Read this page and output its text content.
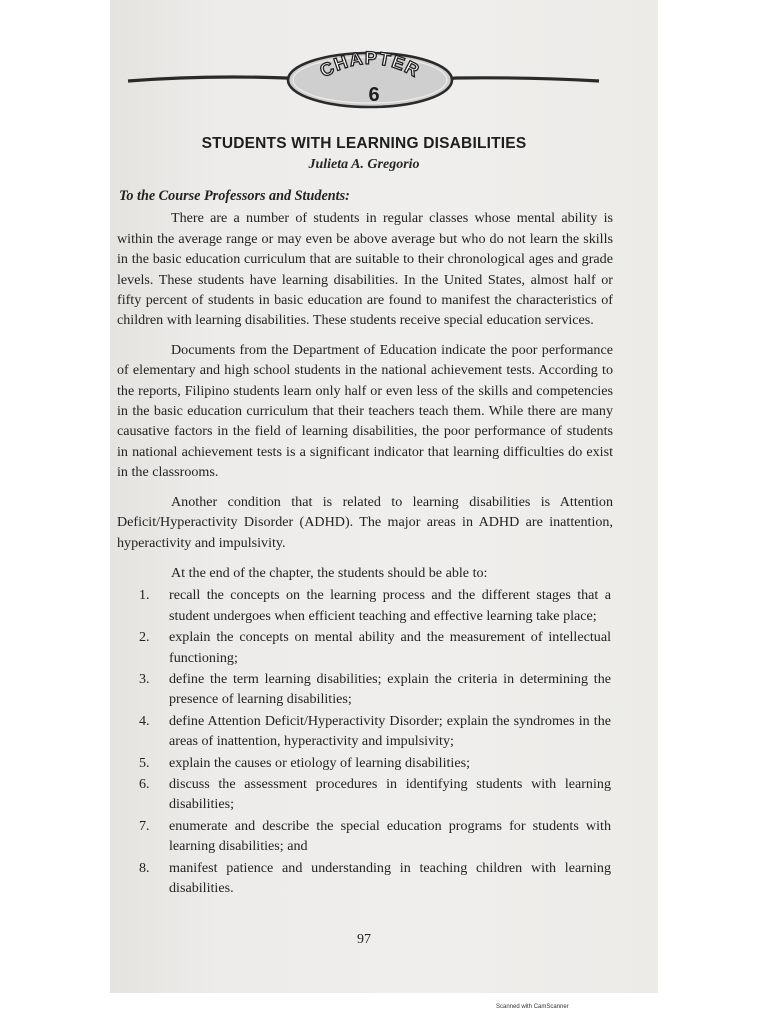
CHAPTER
6
STUDENTS WITH LEARNING DISABILITIES

Julieta A. Gregorio

To the Course Professors and Students:

There are a number of students in regular classes whose mental ability is within the average range or may even be above average but who do not learn the skills in the basic education curriculum that are suitable to their chronological ages and grade levels. These students have learning disabilities. In the United States, almost half or fifty percent of students in basic education are found to manifest the characteristics of children with learning disabilities. These students receive special education services.

Documents from the Department of Education indicate the poor performance of elementary and high school students in the national achievement tests. According to the reports, Filipino students learn only half or even less of the skills and competencies in the basic education curriculum that their teachers teach them. While there are many causative factors in the field of learning disabilities, the poor performance of students in national achievement tests is a significant indicator that learning difficulties do exist in the classrooms.

Another condition that is related to learning disabilities is Attention Deficit/Hyperactivity Disorder (ADHD). The major areas in ADHD are inattention, hyperactivity and impulsivity.

At the end of the chapter, the students should be able to:

1.	recall the concepts on the learning process and the different stages that a student undergoes when efficient teaching and effective learning take place;
2.	explain the concepts on mental ability and the measurement of intellectual functioning;
3.	define the term learning disabilities; explain the criteria in determining the presence of learning disabilities;
4.	define Attention Deficit/Hyperactivity Disorder; explain the syndromes in the areas of inattention, hyperactivity and impulsivity;
5.	explain the causes or etiology of learning disabilities;
6.	discuss the assessment procedures in identifying students with learning disabilities;
7.	enumerate and describe the special education programs for students with learning disabilities; and
8.	manifest patience and understanding in teaching children with learning disabilities.

97

Scanned with CamScanner
